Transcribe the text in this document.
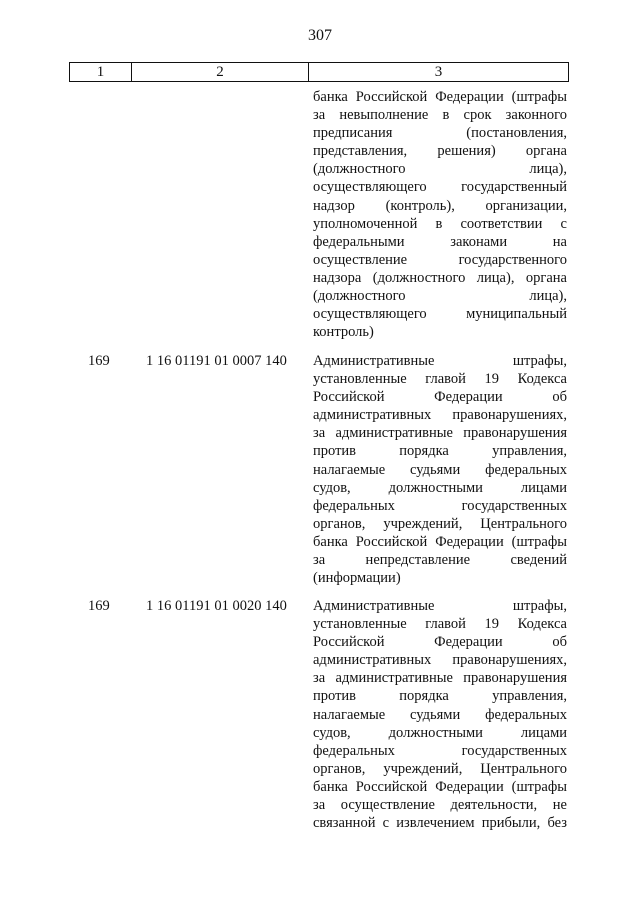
307
1	2	3
банка Российской Федерации (штрафы
за невыполнение в срок законного
предписания (постановления,
представления, решения) органа
(должностного лица),
осуществляющего государственный
надзор (контроль), организации,
уполномоченной в соответствии с
федеральными законами на
осуществление государственного
надзора (должностного лица), органа
(должностного лица),
осуществляющего муниципальный
контроль)
169	1 16 01191 01 0007 140 Административные штрафы,
установленные главой 19 Кодекса
Российской Федерации об
административных правонарушениях,
за административные правонарушения
против порядка управления,
налагаемые судьями федеральных
судов, должностными лицами
федеральных государственных
органов, учреждений, Центрального
банка Российской Федерации (штрафы
за непредставление сведений
(информации)
169	1 16 01191 01 0020 140 Административные штрафы,
установленные главой 19 Кодекса
Российской Федерации об
административных правонарушениях,
за административные правонарушения
против порядка управления,
налагаемые судьями федеральных
судов, должностными лицами
федеральных государственных
органов, учреждений, Центрального
банка Российской Федерации (штрафы
за осуществление деятельности, не
связанной с извлечением прибыли, без
